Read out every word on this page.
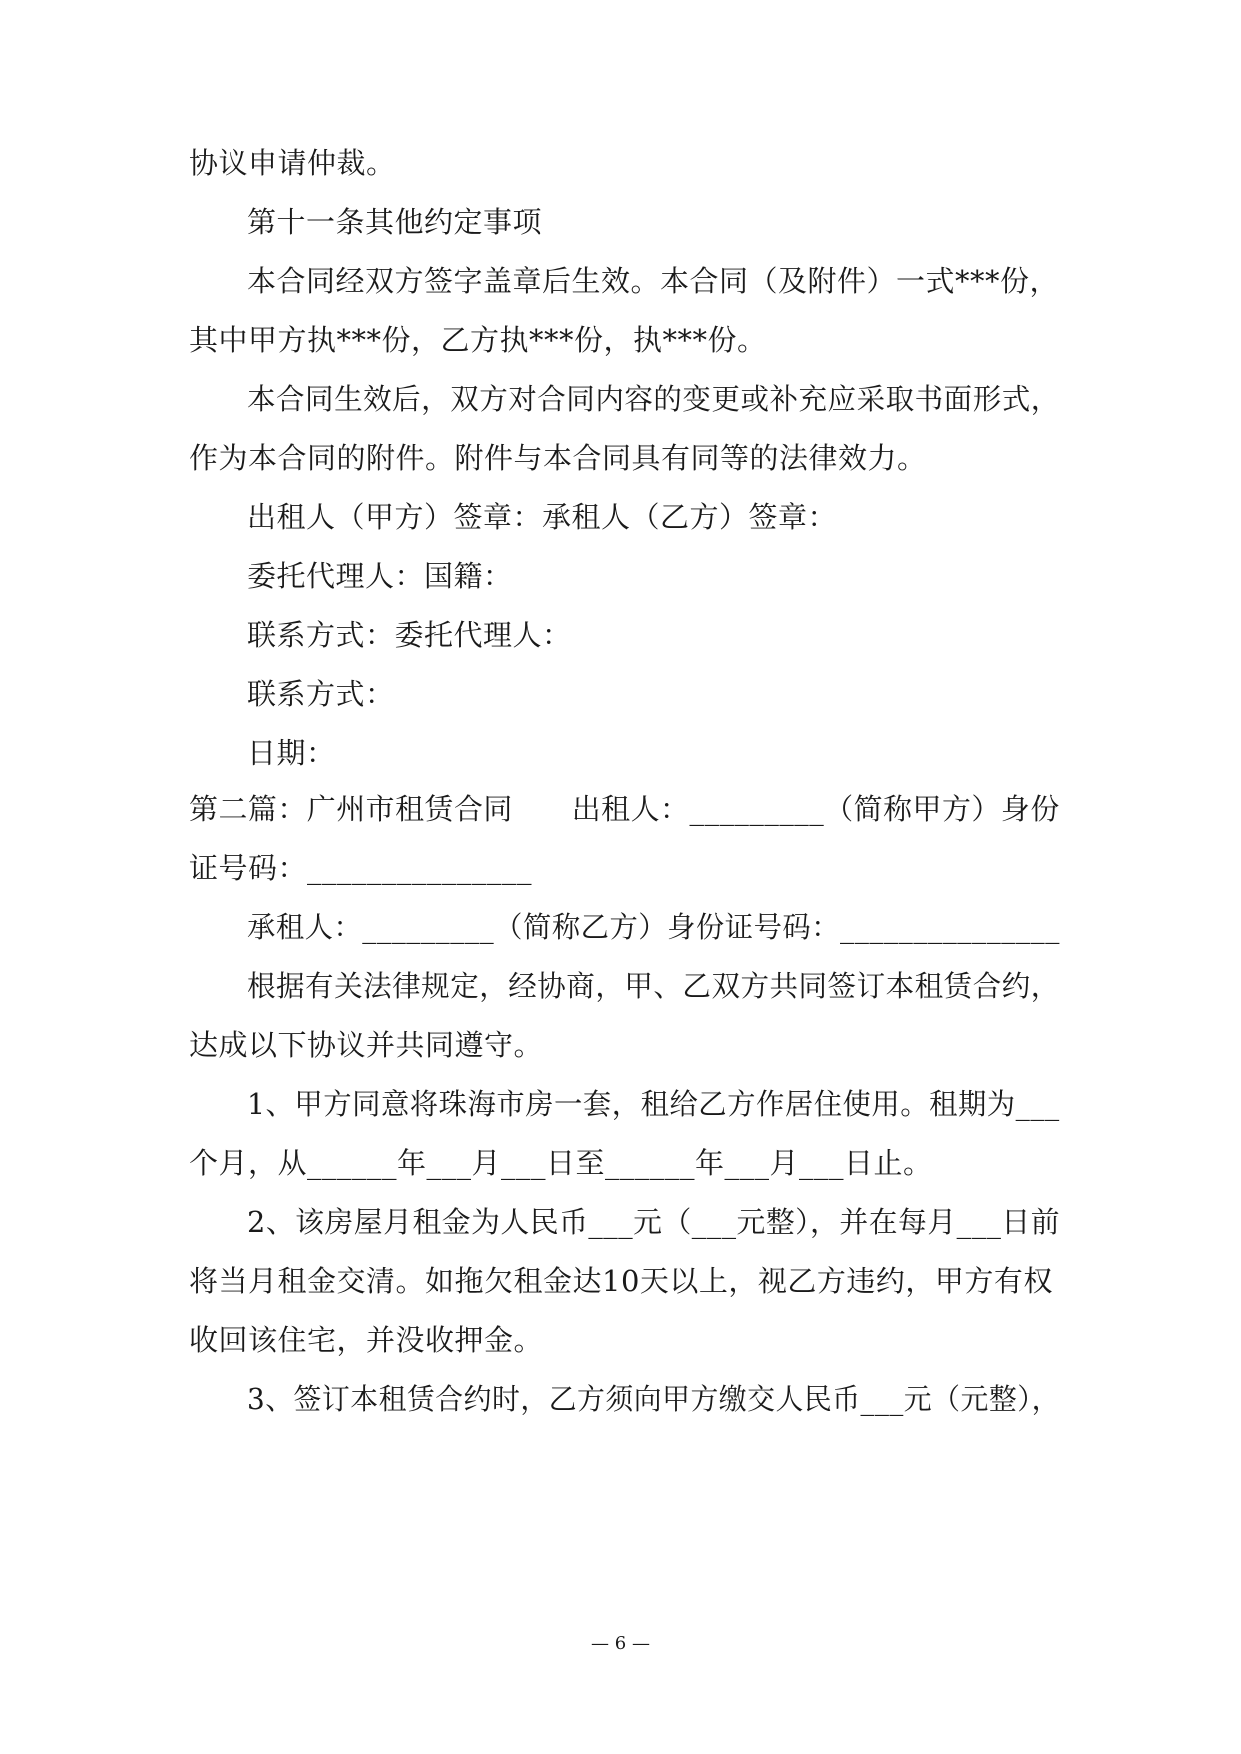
协议申请仲裁。
第十一条其他约定事项
本合同经双方签字盖章后生效。本合同（及附件）一式***份，
其中甲方执***份，乙方执***份，执***份。
本合同生效后，双方对合同内容的变更或补充应采取书面形式，
作为本合同的附件。附件与本合同具有同等的法律效力。
出租人（甲方）签章：承租人（乙方）签章：
委托代理人：国籍：
联系方式：委托代理人：
联系方式：
日期：
第二篇：广州市租赁合同　　出租人：_________（简称甲方）身份
证号码：_______________
承租人：_________（简称乙方）身份证号码：_______________
根据有关法律规定，经协商，甲、乙双方共同签订本租赁合约，
达成以下协议并共同遵守。
1、甲方同意将珠海市房一套，租给乙方作居住使用。租期为___
个月，从______年___月___日至______年___月___日止。
2、该房屋月租金为人民币___元（___元整），并在每月___日前
将当月租金交清。如拖欠租金达10天以上，视乙方违约，甲方有权
收回该住宅，并没收押金。
3、签订本租赁合约时，乙方须向甲方缴交人民币___元（元整），
— 6 —
